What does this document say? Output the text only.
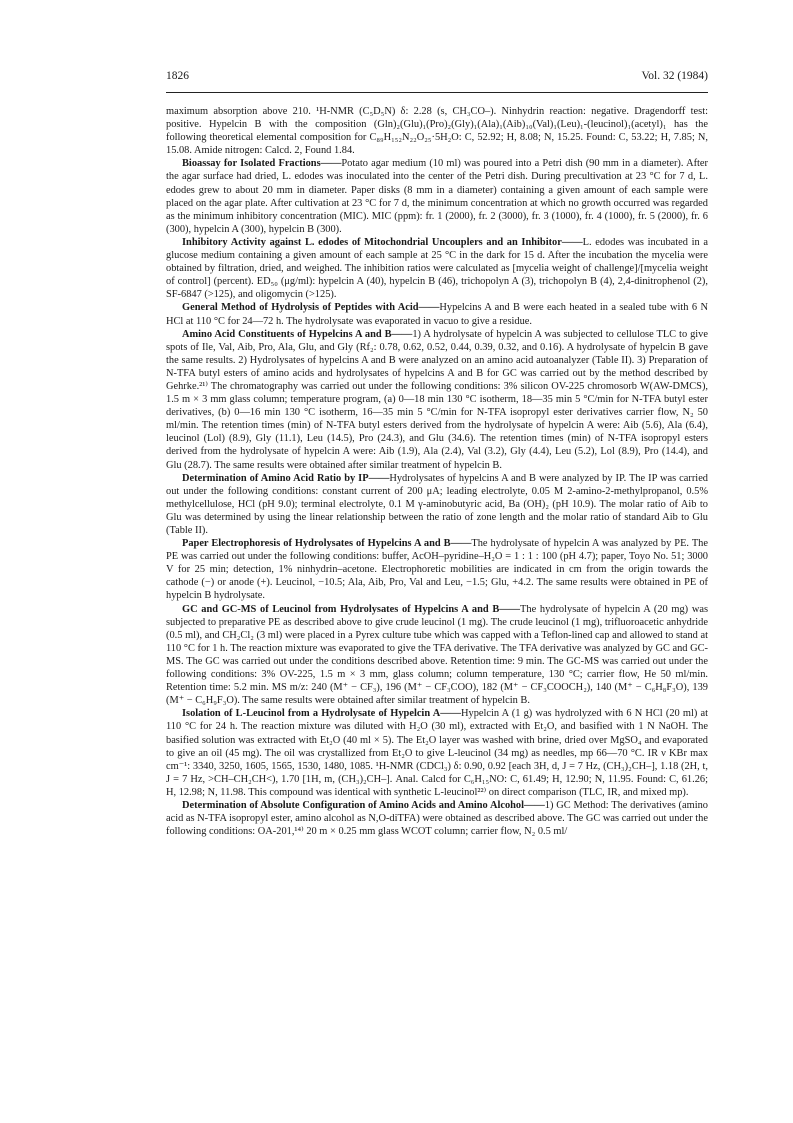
1826	Vol. 32 (1984)

maximum absorption above 210. ¹H-NMR (C₅D₅N) δ: 2.28 (s, CH₃CO–). Ninhydrin reaction: negative. Dragendorff test: positive. Hypelcin B with the composition (Gln)₂(Glu)₁(Pro)₂(Gly)₁(Ala)₁(Aib)₁₀(Val)₁(Leu)₁-(leucinol)₁(acetyl)₁ has the following theoretical elemental composition for C₈₉H₁₅₂N₂₂O₂₅·5H₂O: C, 52.92; H, 8.08; N, 15.25. Found: C, 53.22; H, 7.85; N, 15.08. Amide nitrogen: Calcd. 2, Found 1.84.

Bioassay for Isolated Fractions——Potato agar medium (10 ml) was poured into a Petri dish (90 mm in a diameter). After the agar surface had dried, L. edodes was inoculated into the center of the Petri dish. During precultivation at 23 °C for 7 d, L. edodes grew to about 20 mm in diameter. Paper disks (8 mm in a diameter) containing a given amount of each sample were placed on the agar plate. After cultivation at 23 °C for 7 d, the minimum concentration at which no growth occurred was regarded as the minimum inhibitory concentration (MIC). MIC (ppm): fr. 1 (2000), fr. 2 (3000), fr. 3 (1000), fr. 4 (1000), fr. 5 (2000), fr. 6 (300), hypelcin A (300), hypelcin B (300).

Inhibitory Activity against L. edodes of Mitochondrial Uncouplers and an Inhibitor——L. edodes was incubated in a glucose medium containing a given amount of each sample at 25 °C in the dark for 15 d. After the incubation the mycelia were obtained by filtration, dried, and weighed. The inhibition ratios were calculated as [mycelia weight of challenge]/[mycelia weight of control] (percent). ED₅₀ (μg/ml): hypelcin A (40), hypelcin B (46), trichopolyn A (3), trichopolyn B (4), 2,4-dinitrophenol (2), SF-6847 (>125), and oligomycin (>125).

General Method of Hydrolysis of Peptides with Acid——Hypelcins A and B were each heated in a sealed tube with 6 N HCl at 110 °C for 24—72 h. The hydrolysate was evaporated in vacuo to give a residue.

Amino Acid Constituents of Hypelcins A and B——1) A hydrolysate of hypelcin A was subjected to cellulose TLC to give spots of Ile, Val, Aib, Pro, Ala, Glu, and Gly (Rf₂: 0.78, 0.62, 0.52, 0.44, 0.39, 0.32, and 0.16). A hydrolysate of hypelcin B gave the same results. 2) Hydrolysates of hypelcins A and B were analyzed on an amino acid autoanalyzer (Table II). 3) Preparation of N-TFA butyl esters of amino acids and hydrolysates of hypelcins A and B for GC was carried out by the method described by Gehrke.²¹⁾ The chromatography was carried out under the following conditions: 3% silicon OV-225 chromosorb W(AW-DMCS), 1.5 m × 3 mm glass column; temperature program, (a) 0—18 min 130 °C isotherm, 18—35 min 5 °C/min for N-TFA butyl ester derivatives, (b) 0—16 min 130 °C isotherm, 16—35 min 5 °C/min for N-TFA isopropyl ester derivatives carrier flow, N₂ 50 ml/min. The retention times (min) of N-TFA butyl esters derived from the hydrolysate of hypelcin A were: Aib (5.6), Ala (6.4), leucinol (Lol) (8.9), Gly (11.1), Leu (14.5), Pro (24.3), and Glu (34.6). The retention times (min) of N-TFA isopropyl esters derived from the hydrolysate of hypelcin A were: Aib (1.9), Ala (2.4), Val (3.2), Gly (4.4), Leu (5.2), Lol (8.9), Pro (14.4), and Glu (28.7). The same results were obtained after similar treatment of hypelcin B.

Determination of Amino Acid Ratio by IP——Hydrolysates of hypelcins A and B were analyzed by IP. The IP was carried out under the following conditions: constant current of 200 μA; leading electrolyte, 0.05 M 2-amino-2-methylpropanol, 0.5% methylcellulose, HCl (pH 9.0); terminal electrolyte, 0.1 M γ-aminobutyric acid, Ba (OH)₂ (pH 10.9). The molar ratio of Aib to Glu was determined by using the linear relationship between the ratio of zone length and the molar ratio of standard Aib to Glu (Table II).

Paper Electrophoresis of Hydrolysates of Hypelcins A and B——The hydrolysate of hypelcin A was analyzed by PE. The PE was carried out under the following conditions: buffer, AcOH–pyridine–H₂O = 1 : 1 : 100 (pH 4.7); paper, Toyo No. 51; 3000 V for 25 min; detection, 1% ninhydrin–acetone. Electrophoretic mobilities are indicated in cm from the origin towards the cathode (−) or anode (+). Leucinol, −10.5; Ala, Aib, Pro, Val and Leu, −1.5; Glu, +4.2. The same results were obtained in PE of hypelcin B hydrolysate.

GC and GC-MS of Leucinol from Hydrolysates of Hypelcins A and B——The hydrolysate of hypelcin A (20 mg) was subjected to preparative PE as described above to give crude leucinol (1 mg). The crude leucinol (1 mg), trifluoroacetic anhydride (0.5 ml), and CH₂Cl₂ (3 ml) were placed in a Pyrex culture tube which was capped with a Teflon-lined cap and allowed to stand at 110 °C for 1 h. The reaction mixture was evaporated to give the TFA derivative. The TFA derivative was analyzed by GC and GC-MS. The GC was carried out under the conditions described above. Retention time: 9 min. The GC-MS was carried out under the following conditions: 3% OV-225, 1.5 m × 3 mm, glass column; column temperature, 130 °C; carrier flow, He 50 ml/min. Retention time: 5.2 min. MS m/z: 240 (M⁺ − CF₃), 196 (M⁺ − CF₃COO), 182 (M⁺ − CF₃COOCH₂), 140 (M⁺ − C₆H₈F₃O), 139 (M⁺ − C₆H₉F₃O). The same results were obtained after similar treatment of hypelcin B.

Isolation of L-Leucinol from a Hydrolysate of Hypelcin A——Hypelcin A (1 g) was hydrolyzed with 6 N HCl (20 ml) at 110 °C for 24 h. The reaction mixture was diluted with H₂O (30 ml), extracted with Et₂O, and basified with 1 N NaOH. The basified solution was extracted with Et₂O (40 ml × 5). The Et₂O layer was washed with brine, dried over MgSO₄ and evaporated to give an oil (45 mg). The oil was crystallized from Et₂O to give L-leucinol (34 mg) as needles, mp 66—70 °C. IR ν KBr max cm⁻¹: 3340, 3250, 1605, 1565, 1530, 1480, 1085. ¹H-NMR (CDCl₃) δ: 0.90, 0.92 [each 3H, d, J = 7 Hz, (CH₃)₂CH–], 1.18 (2H, t, J = 7 Hz, >CH–CH₂CH<), 1.70 [1H, m, (CH₃)₂CH–]. Anal. Calcd for C₆H₁₅NO: C, 61.49; H, 12.90; N, 11.95. Found: C, 61.26; H, 12.98; N, 11.98. This compound was identical with synthetic L-leucinol²²⁾ on direct comparison (TLC, IR, and mixed mp).

Determination of Absolute Configuration of Amino Acids and Amino Alcohol——1) GC Method: The derivatives (amino acid as N-TFA isopropyl ester, amino alcohol as N,O-diTFA) were obtained as described above. The GC was carried out under the following conditions: OA-201,¹⁴⁾ 20 m × 0.25 mm glass WCOT column; carrier flow, N₂ 0.5 ml/
